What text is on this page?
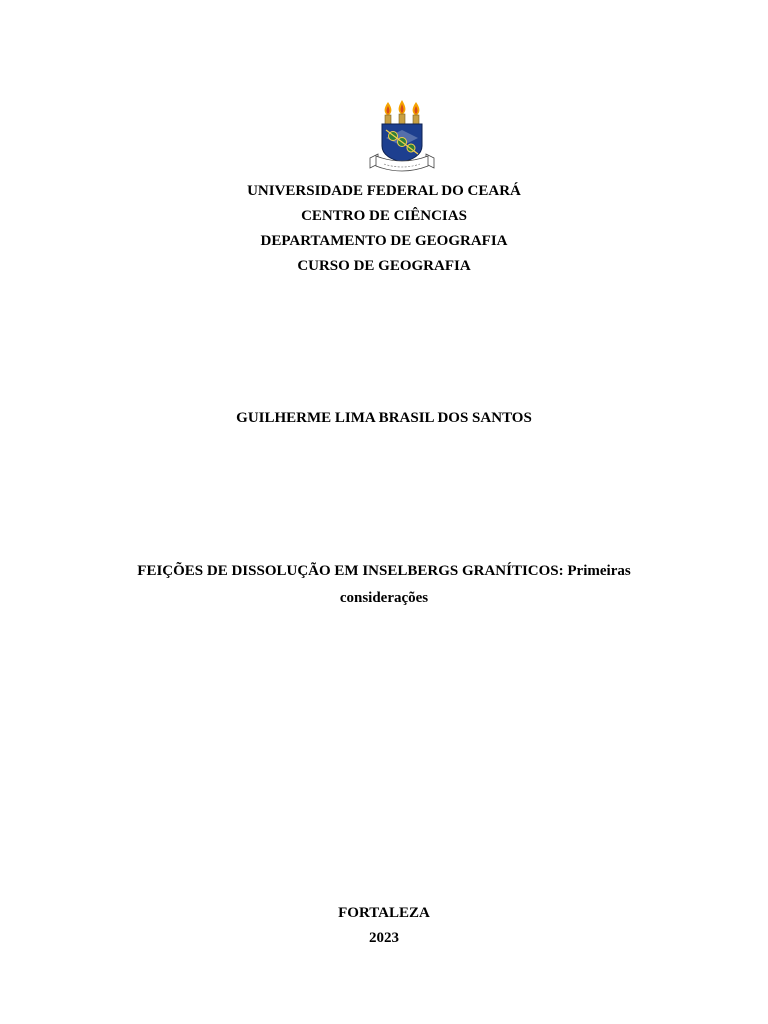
UNIVERSIDADE FEDERAL DO CEARÁ
CENTRO DE CIÊNCIAS
DEPARTAMENTO DE GEOGRAFIA
CURSO DE GEOGRAFIA
GUILHERME LIMA BRASIL DOS SANTOS
FEIÇÕES DE DISSOLUÇÃO EM INSELBERGS GRANÍTICOS: Primeiras considerações
FORTALEZA
2023
